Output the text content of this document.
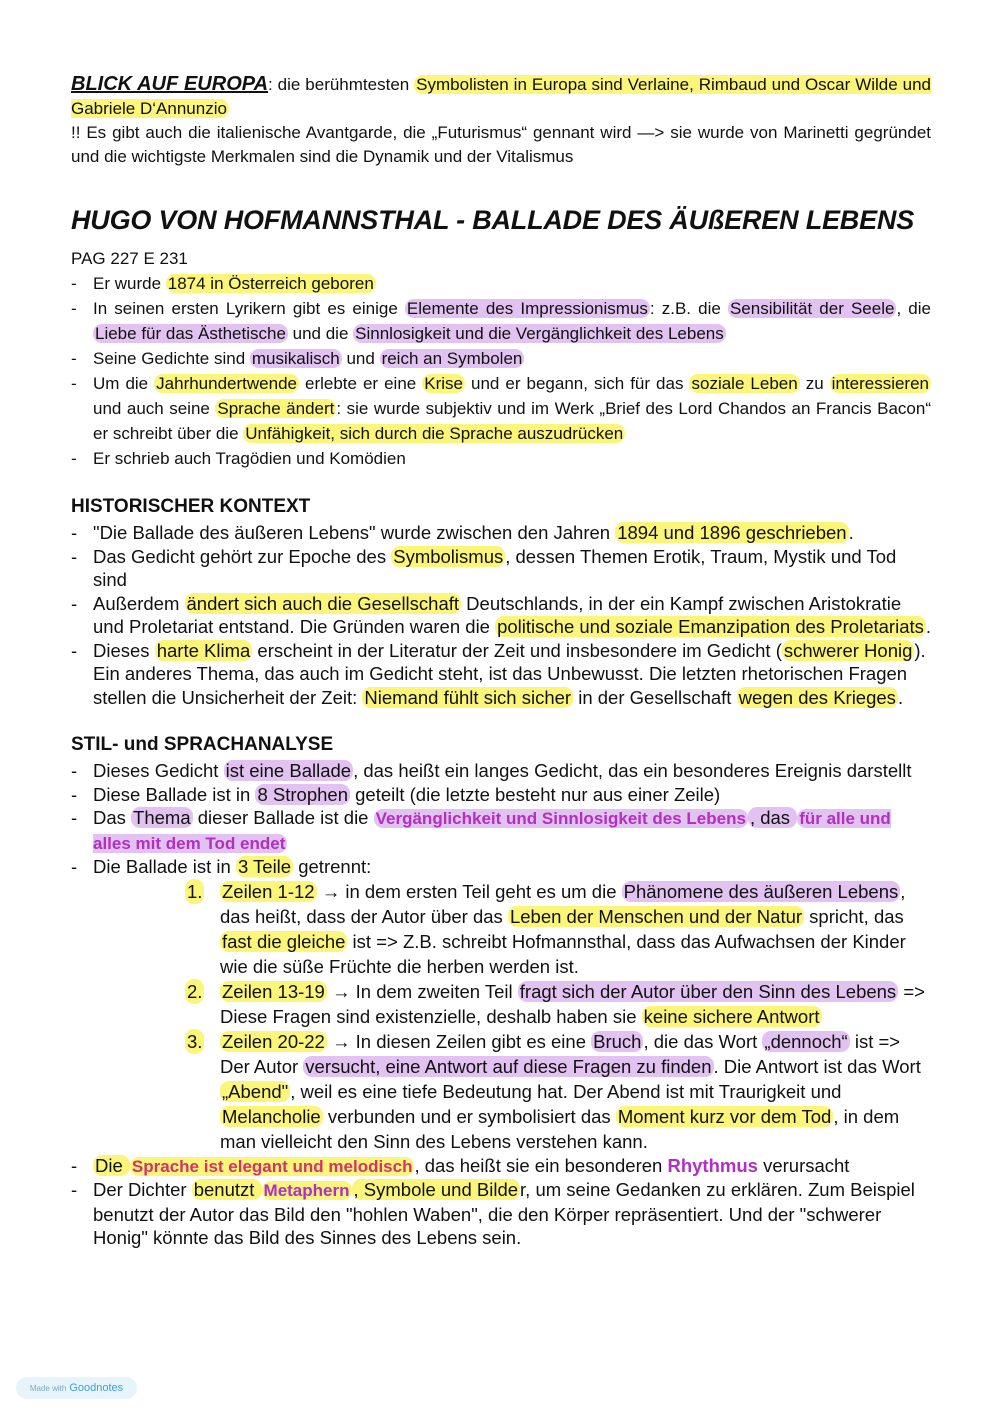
BLICK AUF EUROPA: die berühmtesten Symbolisten in Europa sind Verlaine, Rimbaud und Oscar Wilde und Gabriele D‘Annunzio

!! Es gibt auch die italienische Avantgarde, die „Futurismus“ gennant wird —> sie wurde von Marinetti gegründet und die wichtigste Merkmalen sind die Dynamik und der Vitalismus

HUGO VON HOFMANNSTHAL - BALLADE DES ÄUßEREN LEBENS

PAG 227 E 231

- Er wurde 1874 in Österreich geboren
- In seinen ersten Lyrikern gibt es einige Elemente des Impressionismus : z.B. die Sensibilität der Seele , die Liebe für das Ästhetische und die Sinnlosigkeit und die Vergänglichkeit des Lebens
- Seine Gedichte sind musikalisch und reich an Symbolen
- Um die Jahrhundertwende erlebte er eine Krise und er begann, sich für das soziale Leben zu interessieren und auch seine Sprache ändert : sie wurde subjektiv und im Werk „Brief des Lord Chandos an Francis Bacon“ er schreibt über die Unfähigkeit, sich durch die Sprache auszudrücken
- Er schrieb auch Tragödien und Komödien
HISTORISCHER KONTEXT
- "Die Ballade des äußeren Lebens" wurde zwischen den Jahren 1894 und 1896 geschrieben .
- Das Gedicht gehört zur Epoche des Symbolismus , dessen Themen Erotik, Traum, Mystik und Tod sind
- Außerdem ändert sich auch die Gesellschaft Deutschlands, in der ein Kampf zwischen Aristokratie und Proletariat entstand. Die Gründen waren die politische und soziale Emanzipation des Proletariats .
- Dieses harte Klima erscheint in der Literatur der Zeit und insbesondere im Gedicht ( schwerer Honig ). Ein anderes Thema, das auch im Gedicht steht, ist das Unbewusst. Die letzten rhetorischen Fragen stellen die Unsicherheit der Zeit: Niemand fühlt sich sicher in der Gesellschaft wegen des Krieges .
STIL- und SPRACHANALYSE
- Dieses Gedicht ist eine Ballade , das heißt ein langes Gedicht, das ein besonderes Ereignis darstellt
- Diese Ballade ist in 8 Strophen geteilt (die letzte besteht nur aus einer Zeile)
- Das Thema dieser Ballade ist die Vergänglichkeit und Sinnlosigkeit des Lebens , das für alle und alles mit dem Tod endet
- Die Ballade ist in 3 Teile getrennt:
1. Zeilen 1-12 → in dem ersten Teil geht es um die Phänomene des äußeren Lebens , das heißt, dass der Autor über das Leben der Menschen und der Natur spricht, das fast die gleiche ist => Z.B. schreibt Hofmannsthal, dass das Aufwachsen der Kinder wie die süße Früchte die herben werden ist.
2. Zeilen 13-19 → In dem zweiten Teil fragt sich der Autor über den Sinn des Lebens => Diese Fragen sind existenzielle, deshalb haben sie keine sichere Antwort
3. Zeilen 20-22 → In diesen Zeilen gibt es eine Bruch , die das Wort „dennoch“ ist => Der Autor versucht, eine Antwort auf diese Fragen zu finden . Die Antwort ist das Wort „Abend" , weil es eine tiefe Bedeutung hat. Der Abend ist mit Traurigkeit und Melancholie verbunden und er symbolisiert das Moment kurz vor dem Tod , in dem man vielleicht den Sinn des Lebens verstehen kann.
- Die Sprache ist elegant und melodisch , das heißt sie ein besonderen Rhythmus verursacht
- Der Dichter benutzt Metaphern , Symbole und Bilde r, um seine Gedanken zu erklären. Zum Beispiel benutzt der Autor das Bild den "hohlen Waben", die den Körper repräsentiert. Und der "schwerer Honig" könnte das Bild des Sinnes des Lebens sein.
Made with Goodnotes
